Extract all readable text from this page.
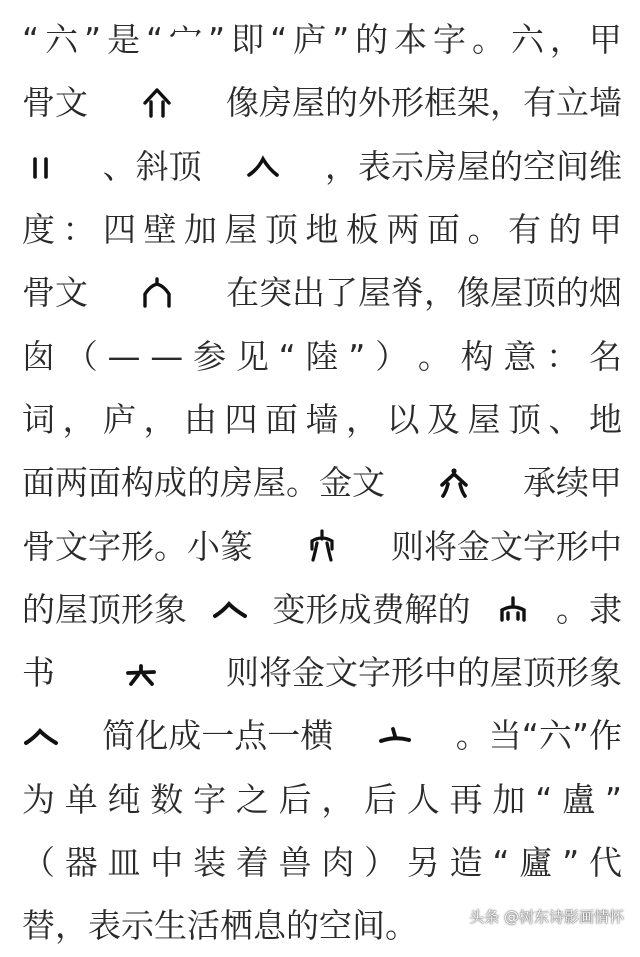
“ 六 ” 是 “ 宀 ” 即 “ 庐 ” 的 本 字 。 六 ， 甲
骨文	像房屋的外形框架，有立墙
、斜顶	，表示房屋的空间维
度 ： 四 壁 加 屋 顶 地 板 两 面 。 有 的 甲
骨文	在突出了屋脊，像屋顶的烟
囱 （ — — 参 见 “ 陸 ” ） 。 构 意 ： 名
词 ， 庐 ， 由 四 面 墙 ， 以 及 屋 顶 、 地
面两面构成的房屋。金文	承续甲
骨文字形。小篆	则将金文字形中
的屋顶形象	变形成费解的	。隶
书	则将金文字形中的屋顶形象
简化成一点一横	。当“六”作
为 单 纯 数 字 之 后 ， 后 人 再 加 “ 盧 ”
（ 器 皿 中 装 着 兽 肉 ） 另 造 “ 廬 ” 代
替，表示生活栖息的空间。	头条 @树东诗影画情怀
